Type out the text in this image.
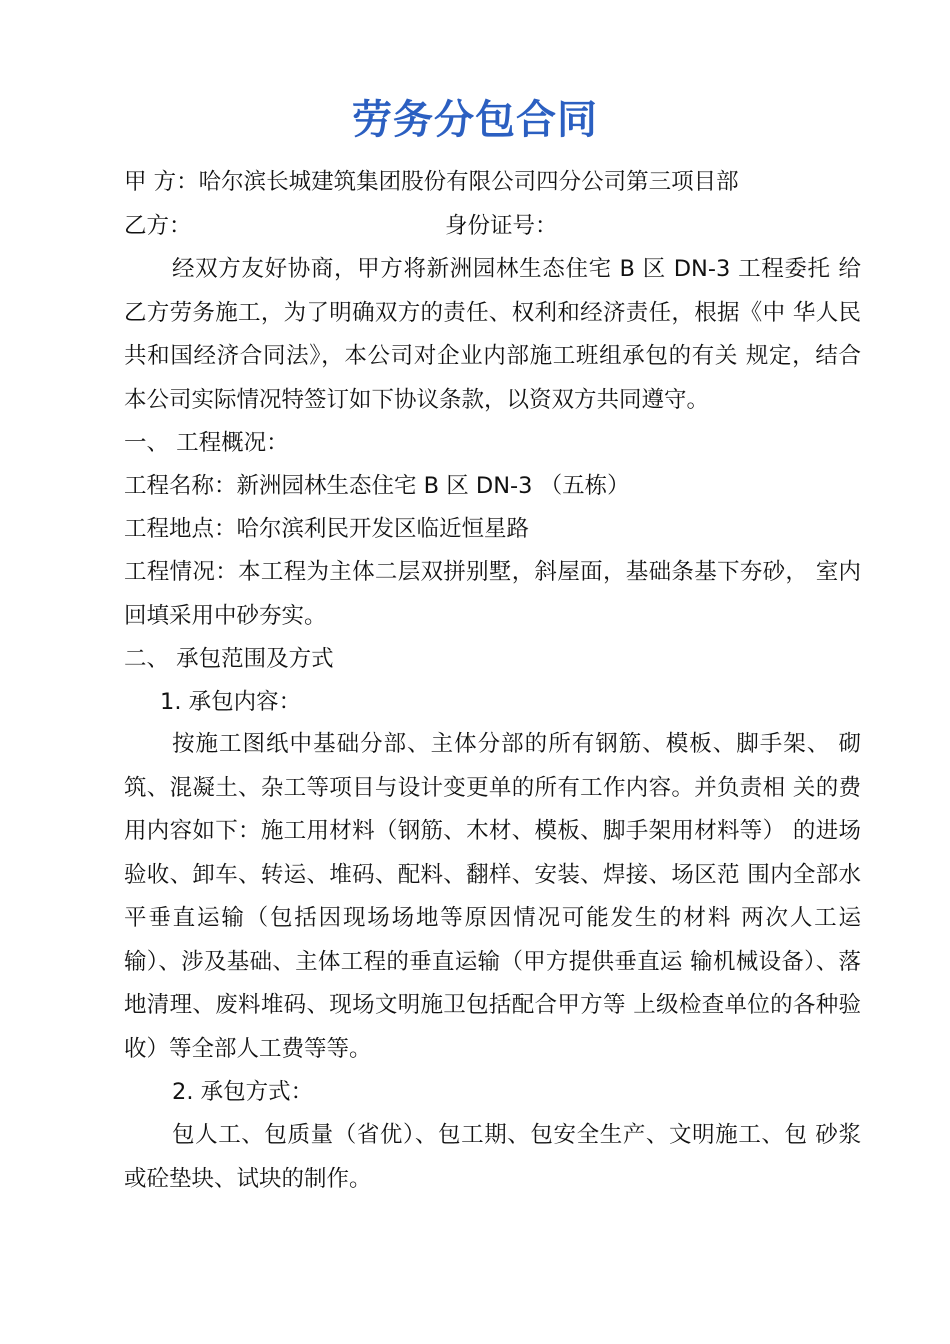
劳务分包合同
甲 方：哈尔滨长城建筑集团股份有限公司四分公司第三项目部
乙方：	身份证号：
经双方友好协商，甲方将新洲园林生态住宅 B 区 DN-3 工程委托 给乙方劳务施工，为了明确双方的责任、权利和经济责任，根据《中 华人民共和国经济合同法》，本公司对企业内部施工班组承包的有关 规定，结合本公司实际情况特签订如下协议条款，以资双方共同遵守。
一、 工程概况：
工程名称：新洲园林生态住宅 B 区 DN-3 （五栋）
工程地点：哈尔滨利民开发区临近恒星路
工程情况：本工程为主体二层双拼别墅，斜屋面，基础条基下夯砂， 室内回填采用中砂夯实。
二、 承包范围及方式
1. 承包内容：
按施工图纸中基础分部、主体分部的所有钢筋、模板、脚手架、 砌筑、混凝土、杂工等项目与设计变更单的所有工作内容。并负责相 关的费用内容如下：施工用材料（钢筋、木材、模板、脚手架用材料等） 的进场验收、卸车、转运、堆码、配料、翻样、安装、焊接、场区范 围内全部水平垂直运输（包括因现场场地等原因情况可能发生的材料 两次人工运输）、涉及基础、主体工程的垂直运输（甲方提供垂直运 输机械设备）、落地清理、废料堆码、现场文明施卫包括配合甲方等 上级检查单位的各种验收）等全部人工费等等。
2. 承包方式：
包人工、包质量（省优）、包工期、包安全生产、文明施工、包 砂浆或砼垫块、试块的制作。
